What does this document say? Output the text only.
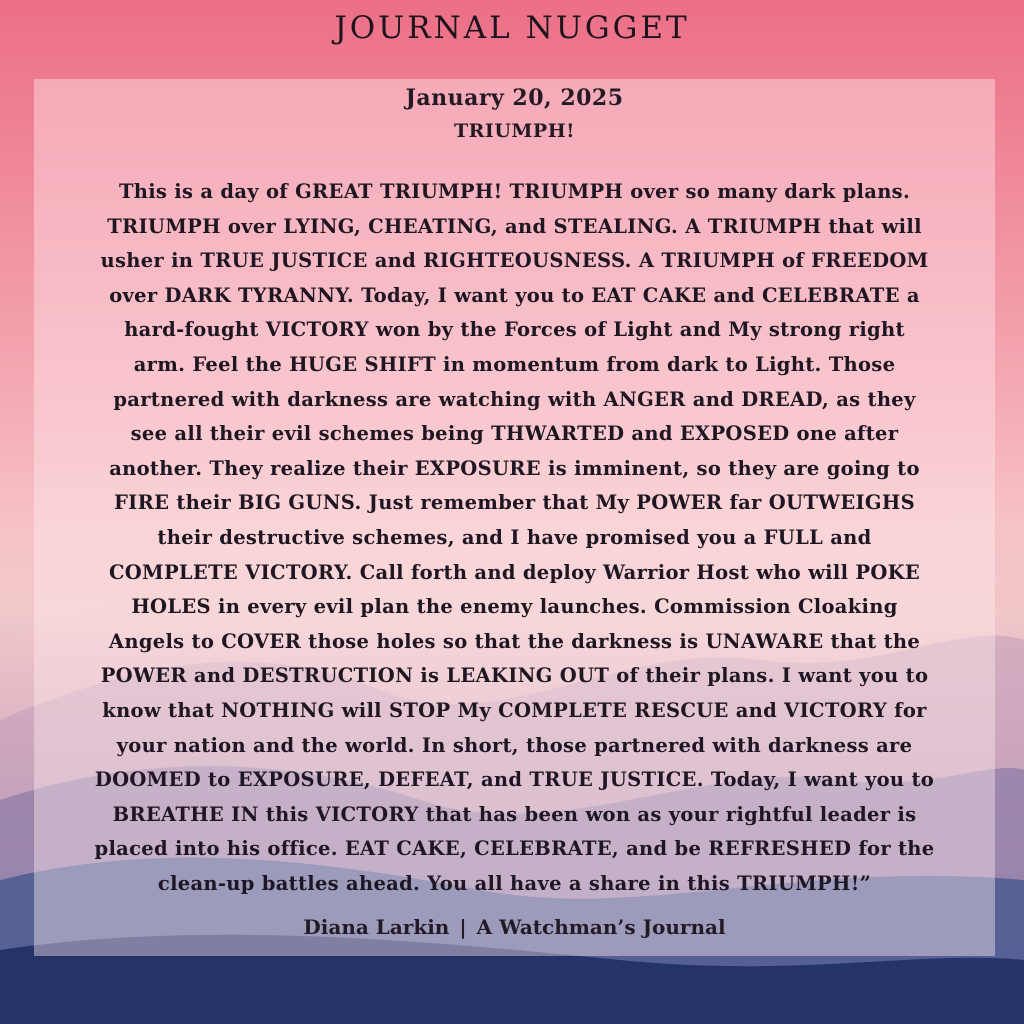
JOURNAL NUGGET
January 20, 2025
TRIUMPH!
This is a day of GREAT TRIUMPH! TRIUMPH over so many dark plans.
TRIUMPH over LYING, CHEATING, and STEALING. A TRIUMPH that will
usher in TRUE JUSTICE and RIGHTEOUSNESS. A TRIUMPH of FREEDOM
over DARK TYRANNY. Today, I want you to EAT CAKE and CELEBRATE a
hard-fought VICTORY won by the Forces of Light and My strong right
arm. Feel the HUGE SHIFT in momentum from dark to Light. Those
partnered with darkness are watching with ANGER and DREAD, as they
see all their evil schemes being THWARTED and EXPOSED one after
another. They realize their EXPOSURE is imminent, so they are going to
FIRE their BIG GUNS. Just remember that My POWER far OUTWEIGHS
their destructive schemes, and I have promised you a FULL and
COMPLETE VICTORY. Call forth and deploy Warrior Host who will POKE
HOLES in every evil plan the enemy launches. Commission Cloaking
Angels to COVER those holes so that the darkness is UNAWARE that the
POWER and DESTRUCTION is LEAKING OUT of their plans. I want you to
know that NOTHING will STOP My COMPLETE RESCUE and VICTORY for
your nation and the world. In short, those partnered with darkness are
DOOMED to EXPOSURE, DEFEAT, and TRUE JUSTICE. Today, I want you to
BREATHE IN this VICTORY that has been won as your rightful leader is
placed into his office. EAT CAKE, CELEBRATE, and be REFRESHED for the
clean-up battles ahead. You all have a share in this TRIUMPH!”
Diana Larkin | A Watchman’s Journal
